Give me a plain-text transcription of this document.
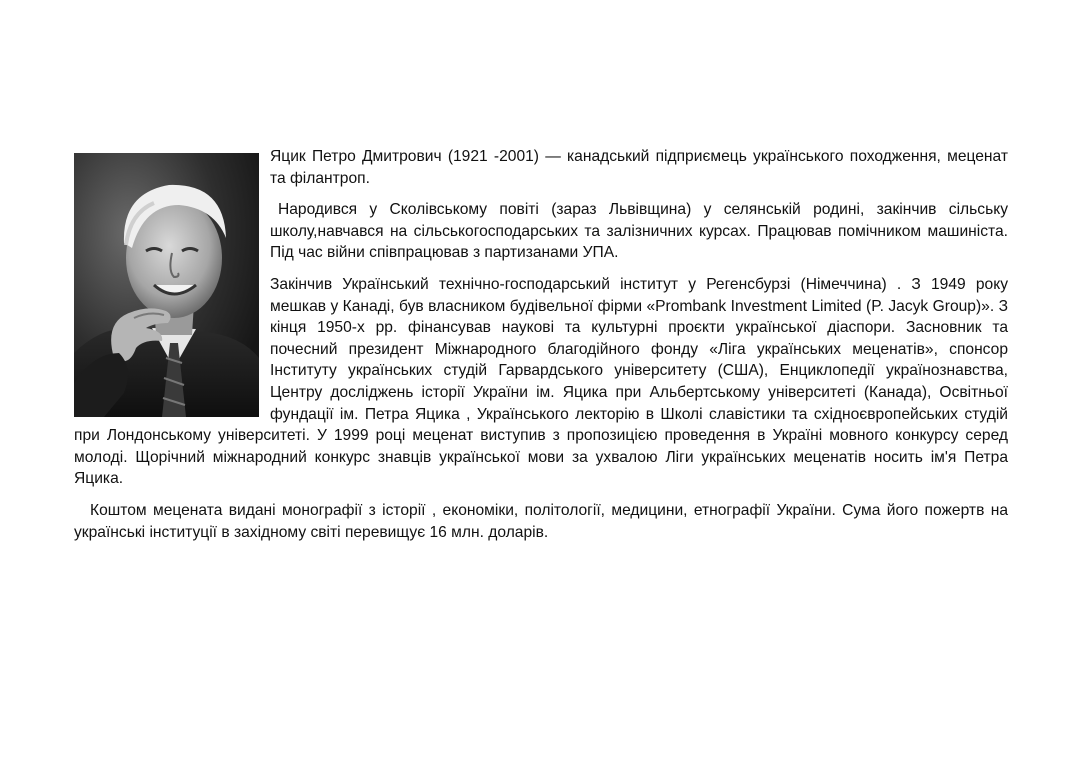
Яцик Петро Дмитрович (1921 -2001) — канадський підприємець українського походження, меценат та філантроп.

Народився у Сколівському повіті (зараз Львівщина) у селянській родині, закінчив сільську школу,навчався на сільськогосподарських та залізничних курсах. Працював помічником машиніста. Під час війни співпрацював з партизанами УПА.

Закінчив Український технічно-господарський інститут у Регенсбурзі (Німеччина) . З 1949 року мешкав у Канаді, був власником будівельної фірми «Prombank Investment Limited (P. Jacyk Group)». З кінця 1950-х рр. фінансував наукові та культурні проєкти української діаспори. Засновник та почесний президент Міжнародного благодійного фонду «Ліга українських меценатів», спонсор Інституту українських студій Гарвардського університету (США), Енциклопедії українознавства, Центру досліджень історії України ім. Яцика при Альбертському університеті (Канада), Освітньої фундації ім. Петра Яцика , Українського лекторію в Школі славістики та східноєвропейських студій при Лондонському університеті. У 1999 році меценат виступив з пропозицією проведення в Україні мовного конкурсу серед молоді. Щорічний міжнародний конкурс знавців української мови за ухвалою Ліги українських меценатів носить ім'я Петра Яцика.

Коштом мецената видані монографії з історії , економіки, політології, медицини, етнографії України. Сума його пожертв на українські інституції в західному світі перевищує 16 млн. доларів.
